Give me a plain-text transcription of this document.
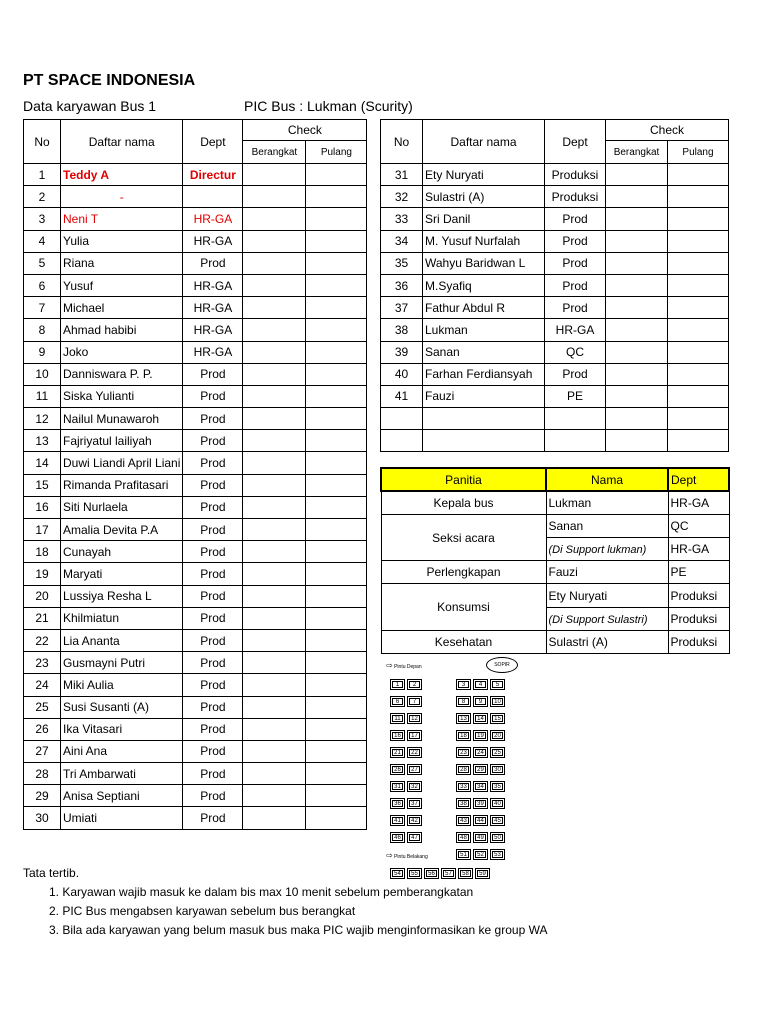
PT SPACE INDONESIA
Data karyawan Bus 1	PIC Bus : Lukman (Scurity)
No	Daftar nama	Dept	Check	
			Berangkat	Pulang
1	Teddy A	Directur		
2	-			
3	Neni T	HR-GA		
4	Yulia	HR-GA		
5	Riana	Prod		
6	Yusuf	HR-GA		
7	Michael	HR-GA		
8	Ahmad habibi	HR-GA		
9	Joko	HR-GA		
10	Danniswara P. P.	Prod		
11	Siska Yulianti	Prod		
12	Nailul Munawaroh	Prod		
13	Fajriyatul lailiyah	Prod		
14	Duwi Liandi April Liani	Prod		
15	Rimanda Prafitasari	Prod		
16	Siti Nurlaela	Prod		
17	Amalia Devita P.A	Prod		
18	Cunayah	Prod		
19	Maryati	Prod		
20	Lussiya Resha L	Prod		
21	Khilmiatun	Prod		
22	Lia Ananta	Prod		
23	Gusmayni Putri	Prod		
24	Miki Aulia	Prod		
25	Susi Susanti (A)	Prod		
26	Ika Vitasari	Prod		
27	Aini Ana	Prod		
28	Tri Ambarwati	Prod		
29	Anisa Septiani	Prod		
30	Umiati	Prod		
No	Daftar nama	Dept	Check	
			Berangkat	Pulang
31	Ety Nuryati	Produksi		
32	Sulastri (A)	Produksi		
33	Sri Danil	Prod		
34	M. Yusuf Nurfalah	Prod		
35	Wahyu Baridwan L	Prod		
36	M.Syafiq	Prod		
37	Fathur Abdul R	Prod		
38	Lukman	HR-GA		
39	Sanan	QC		
40	Farhan Ferdiansyah	Prod		
41	Fauzi	PE		

Panitia	Nama	Dept
Kepala bus	Lukman	HR-GA
Seksi acara	Sanan	QC
	(Di Support lukman)	HR-GA
Perlengkapan	Fauzi	PE
Konsumsi	Ety Nuryati	Produksi
	(Di Support Sulastri)	Produksi
Kesehatan	Sulastri (A)	Produksi
⇨ Pintu Depan	SOPIR
⇨ Pintu Belakang
1	2	3	4	5
6	7	8	9	10
11	12	13	14	15
16	17	18	19	20
21	22	23	24	25
26	27	28	29	30
31	32	33	34	35
36	37	38	39	40
41	42	43	44	45
46	47	48	49	50
51	52	53
54	55	56	57	58	59
Tata tertib.
1. Karyawan wajib masuk ke dalam bis max 10 menit sebelum pemberangkatan
2. PIC Bus mengabsen karyawan sebelum bus berangkat
3. Bila ada karyawan yang belum masuk bus maka PIC wajib menginformasikan ke group WA
